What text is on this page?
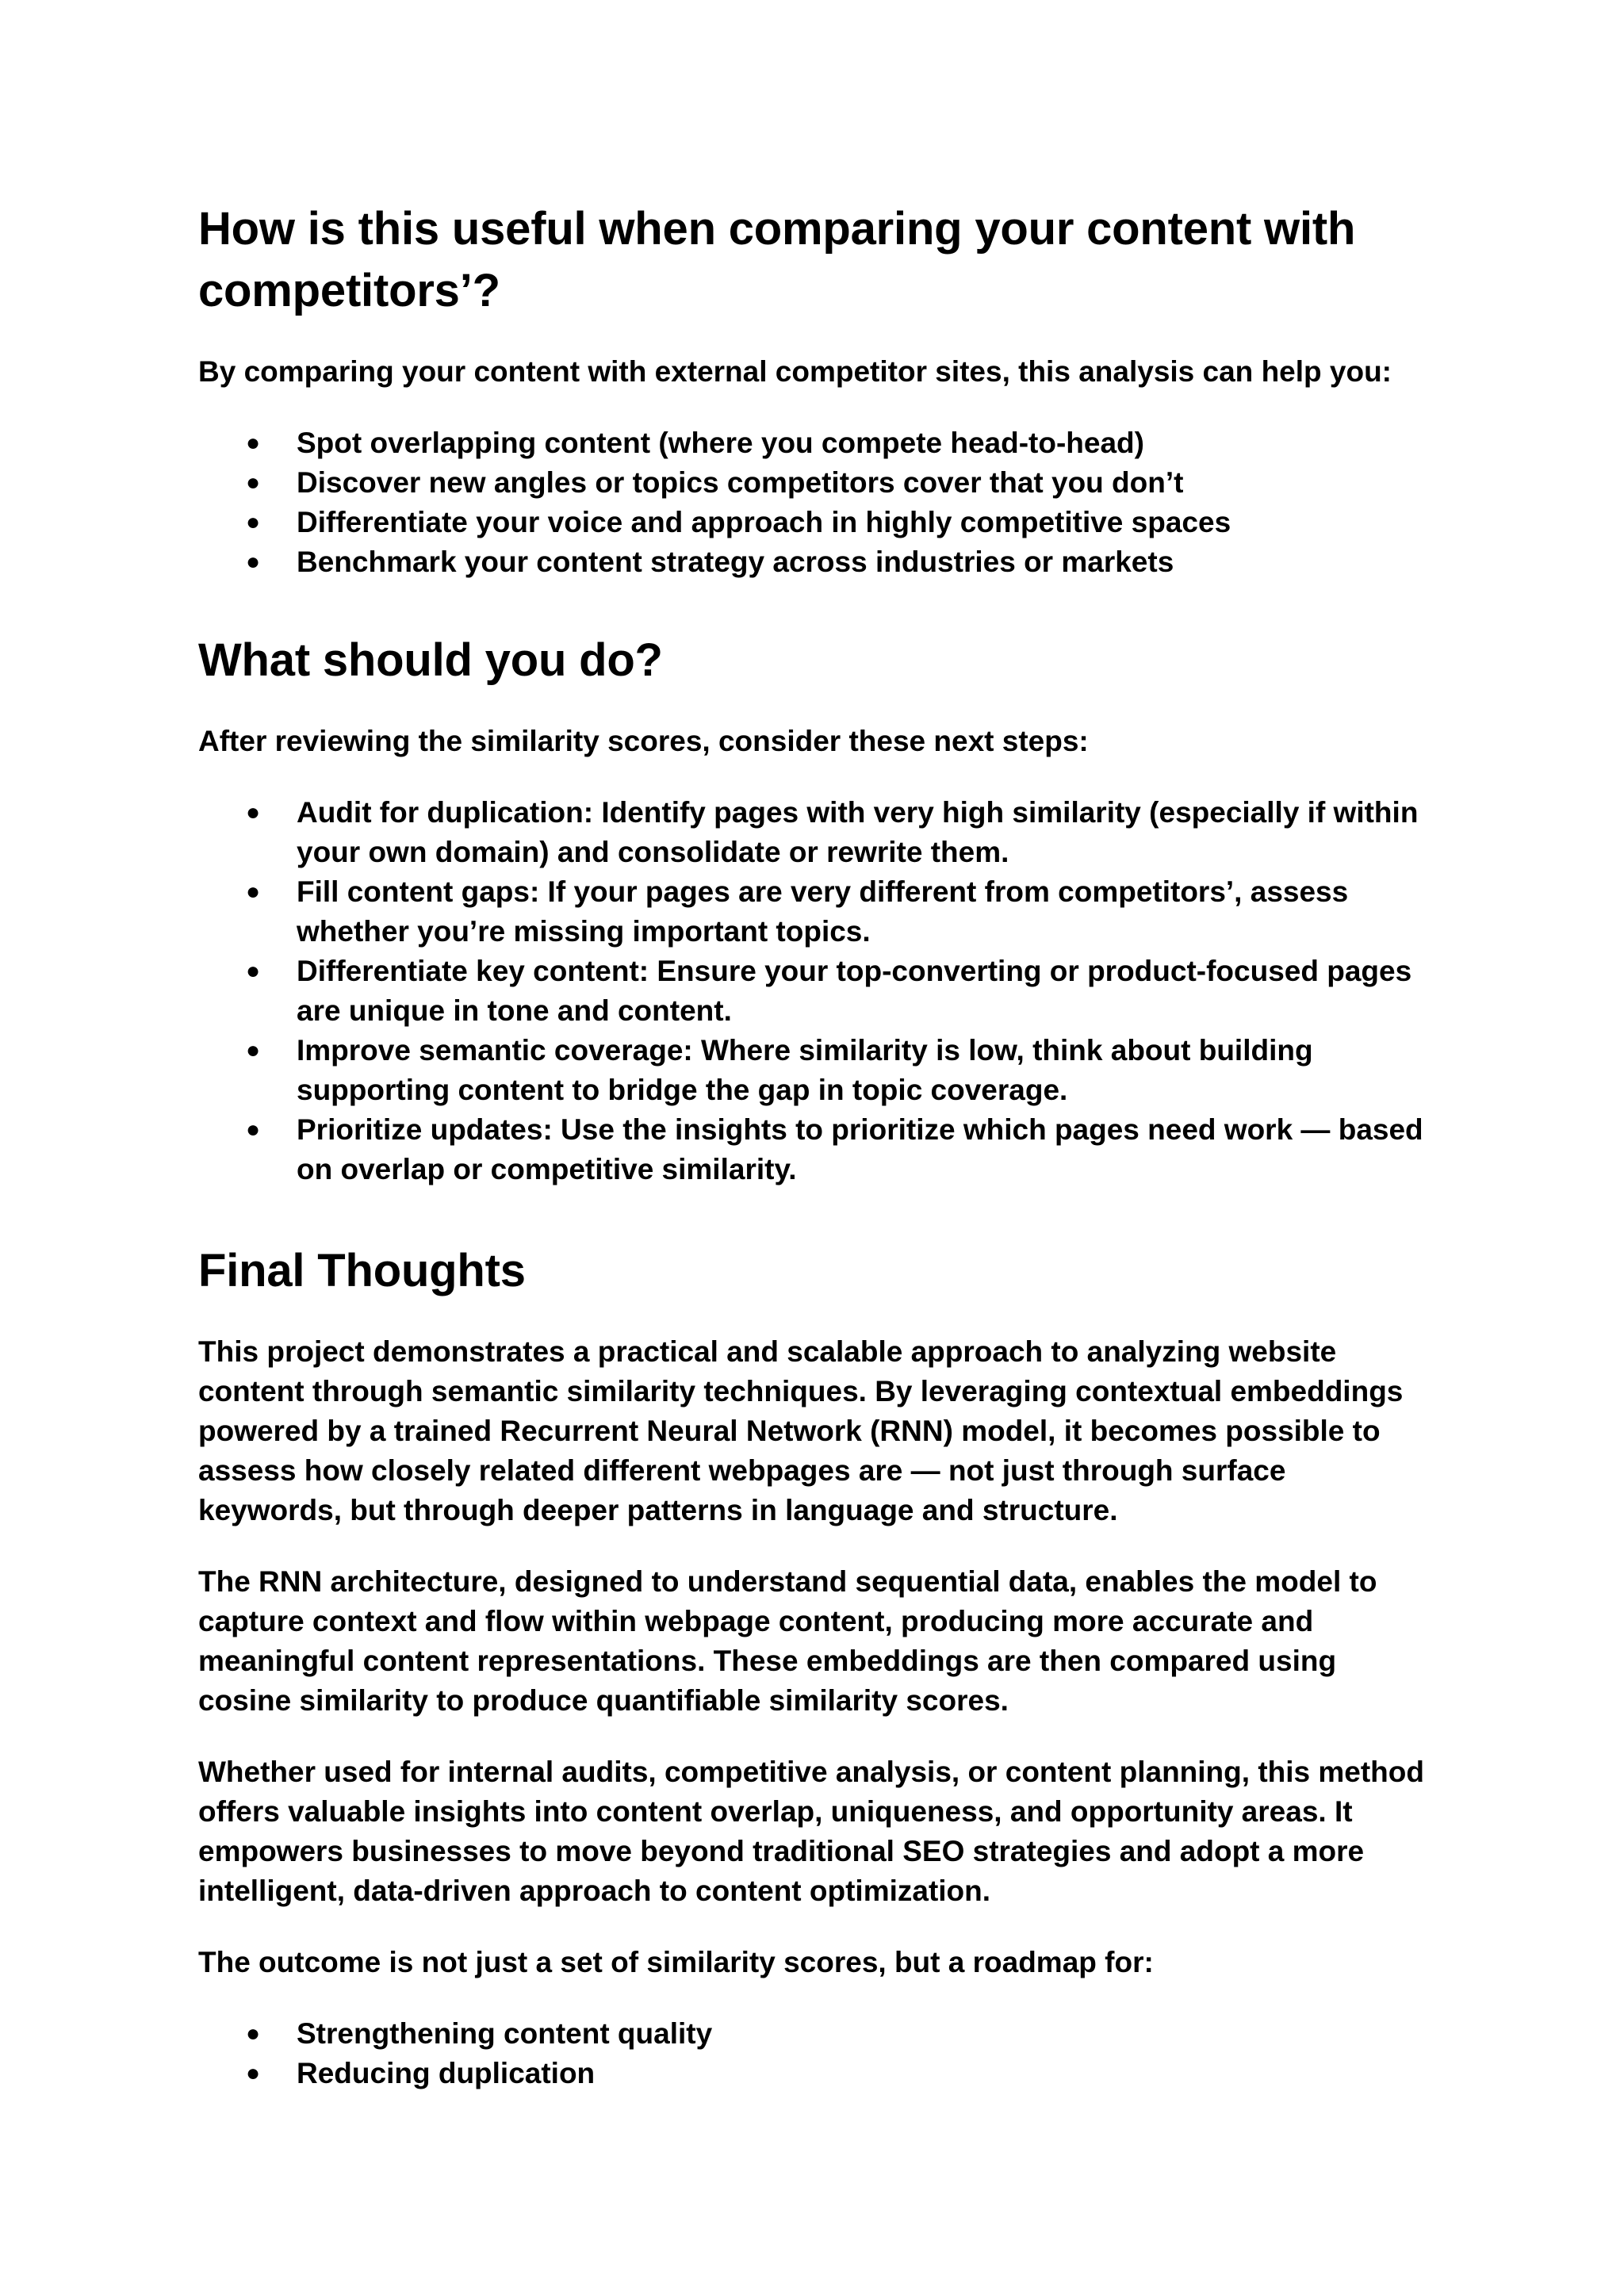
How is this useful when comparing your content with competitors’?

By comparing your content with external competitor sites, this analysis can help you:

● Spot overlapping content (where you compete head-to-head)
● Discover new angles or topics competitors cover that you don’t
● Differentiate your voice and approach in highly competitive spaces
● Benchmark your content strategy across industries or markets
What should you do?

After reviewing the similarity scores, consider these next steps:

● Audit for duplication: Identify pages with very high similarity (especially if within your own domain) and consolidate or rewrite them.
● Fill content gaps: If your pages are very different from competitors’, assess whether you’re missing important topics.
● Differentiate key content: Ensure your top-converting or product-focused pages are unique in tone and content.
● Improve semantic coverage: Where similarity is low, think about building supporting content to bridge the gap in topic coverage.
● Prioritize updates: Use the insights to prioritize which pages need work — based on overlap or competitive similarity.
Final Thoughts

This project demonstrates a practical and scalable approach to analyzing website content through semantic similarity techniques. By leveraging contextual embeddings powered by a trained Recurrent Neural Network (RNN) model, it becomes possible to assess how closely related different webpages are — not just through surface keywords, but through deeper patterns in language and structure.

The RNN architecture, designed to understand sequential data, enables the model to capture context and flow within webpage content, producing more accurate and meaningful content representations. These embeddings are then compared using cosine similarity to produce quantifiable similarity scores.

Whether used for internal audits, competitive analysis, or content planning, this method offers valuable insights into content overlap, uniqueness, and opportunity areas. It empowers businesses to move beyond traditional SEO strategies and adopt a more intelligent, data-driven approach to content optimization.

The outcome is not just a set of similarity scores, but a roadmap for:

● Strengthening content quality
● Reducing duplication
